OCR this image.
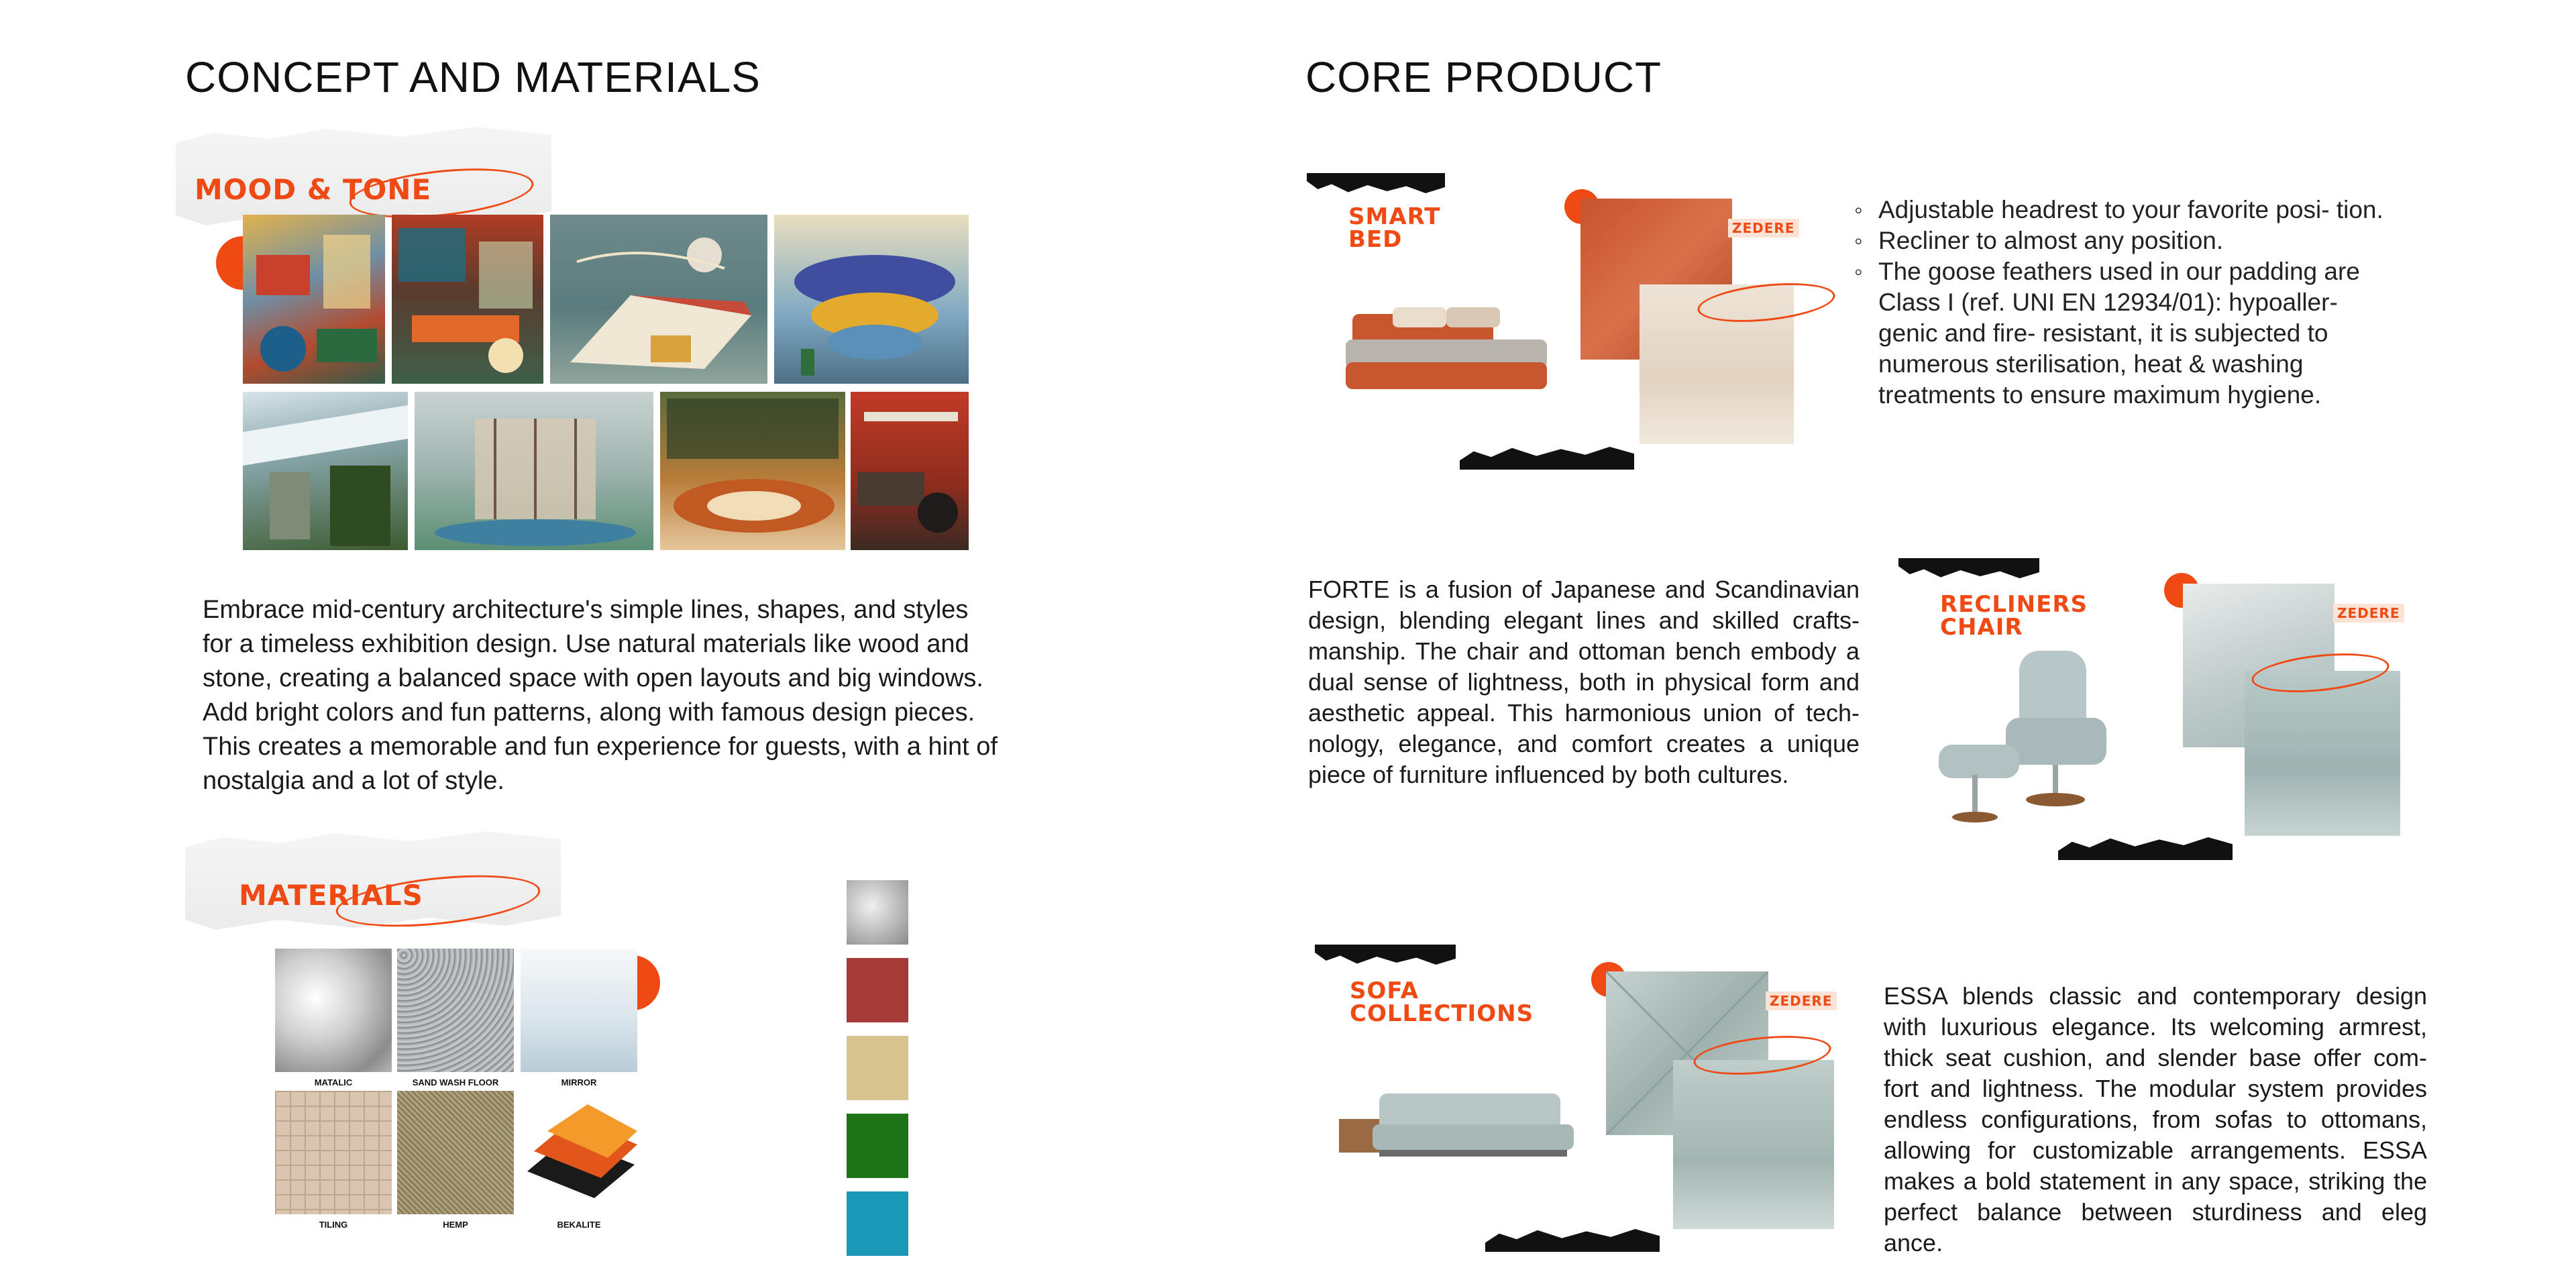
CONCEPT AND MATERIALS
MOOD & TONE
Embrace mid-century architecture's simple lines, shapes, and styles for a timeless exhibition design. Use natural materials like wood and stone, creating a balanced space with open layouts and big windows. Add bright colors and fun patterns, along with famous design pieces. This creates a memorable and fun experience for guests, with a hint of nostalgia and a lot of style.
MATERIALS
MATALIC	SAND WASH FLOOR	MIRROR
TILING	HEMP	BEKALITE
CORE PRODUCT
SMART
BED	ZEDERE
◦ Adjustable headrest to your favorite posi- tion.
◦ Recliner to almost any position.
◦ The goose feathers used in our padding are Class I (ref. UNI EN 12934/01): hypoaller- genic and fire- resistant, it is subjected to numerous sterilisation, heat & washing treatments to ensure maximum hygiene.
FORTE is a fusion of Japanese and Scandinavian design, blending elegant lines and skilled crafts- manship. The chair and ottoman bench embody a dual sense of lightness, both in physical form and aesthetic appeal. This harmonious union of tech- nology, elegance, and comfort creates a unique piece of furniture influenced by both cultures.
RECLINERS
CHAIR
ZEDERE
SOFA
COLLECTIONS	ZEDERE ESSA blends classic and contemporary design with luxurious elegance. Its welcoming armrest, thick seat cushion, and slender base offer com- fort and lightness. The modular system provides endless configurations, from sofas to ottomans, allowing for customizable arrangements. ESSA makes a bold statement in any space, striking the perfect balance between sturdiness and eleg ance.
